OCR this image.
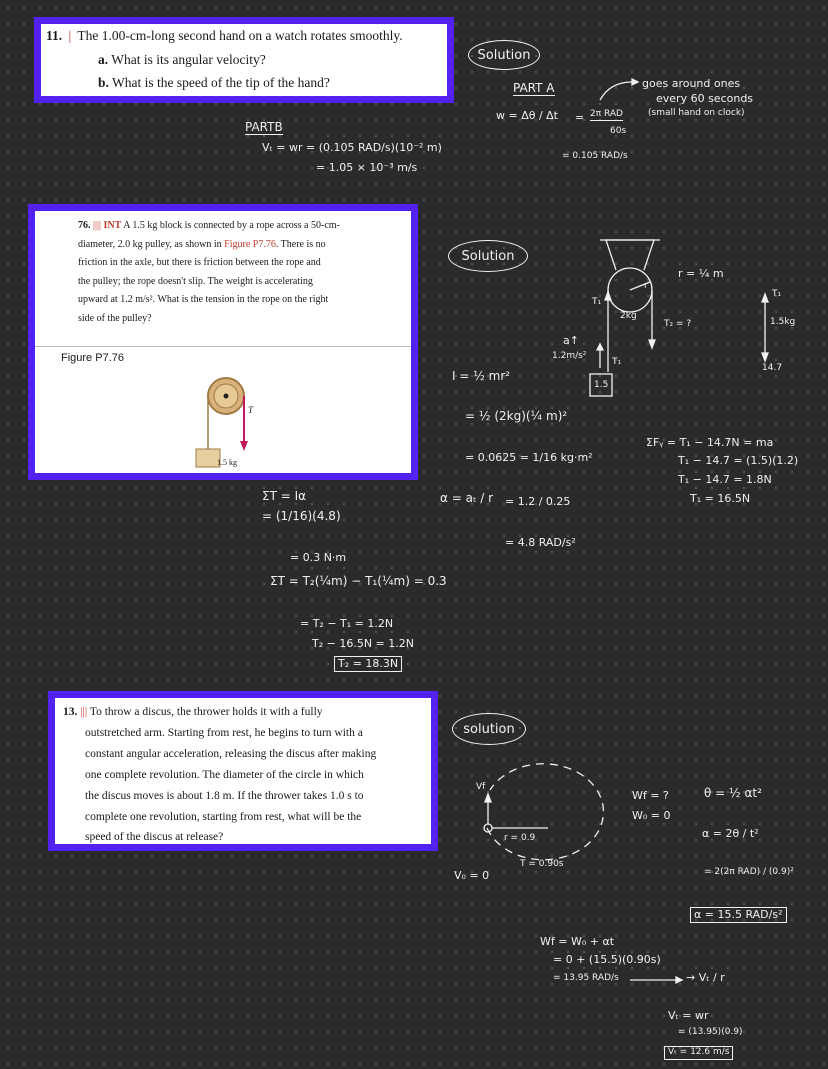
11. | The 1.00-cm-long second hand on a watch rotates smoothly.
a. What is its angular velocity?
b. What is the speed of the tip of the hand?
76. |||| INT A 1.5 kg block is connected by a rope across a 50-cm-
diameter, 2.0 kg pulley, as shown in Figure P7.76. There is no
friction in the axle, but there is friction between the rope and
the pulley; the rope doesn't slip. The weight is accelerating
upward at 1.2 m/s². What is the tension in the rope on the right
side of the pulley?
Figure P7.76
1.5 kg
T
13. ||| To throw a discus, the thrower holds it with a fully
outstretched arm. Starting from rest, he begins to turn with a
constant angular acceleration, releasing the discus after making
one complete revolution. The diameter of the circle in which
the discus moves is about 1.8 m. If the thrower takes 1.0 s to
complete one revolution, starting from rest, what will be the
speed of the discus at release?
Solution
PART A
w = Δθ / Δt = 2π RAD
60s
= 0.105 RAD/s
goes around ones
every 60 seconds
(small hand on clock)
PARTB
Vₜ = wr = (0.105 RAD/s)(10⁻² m)
= 1.05 × 10⁻³ m/s
Solution
r = ¼ m
T₁
1.5kg
14.7
T₁
T₂ = ?
2kg
r
a↑
1.2m/s²
1.5
T₁
I = ½ mr²
= ½ (2kg)(¼ m)²
= 0.0625 = 1/16 kg·m²
ΣFᵧ = T₁ − 14.7N = ma
T₁ − 14.7 = (1.5)(1.2)
T₁ − 14.7 = 1.8N
T₁ = 16.5N
ΣT = Iα
= (1/16)(4.8)
α = aₜ / r = 1.2 / 0.25
= 4.8 RAD/s²
= 0.3 N·m
ΣT = T₂(¼m) − T₁(¼m) = 0.3
= T₂ − T₁ = 1.2N
T₂ − 16.5N = 1.2N
T₂ = 18.3N
solution
Vf
r = 0.9
T = 0.90s
V₀ = 0
Wf = ?
W₀ = 0
θ = ½ αt²
α = 2θ / t²
= 2(2π RAD) / (0.9)²
α = 15.5 RAD/s²
Wf = W₀ + αt
= 0 + (15.5)(0.90s)
= 13.95 RAD/s	→ Vₜ / r
Vₜ = wr
= (13.95)(0.9)
Vₜ = 12.6 m/s
